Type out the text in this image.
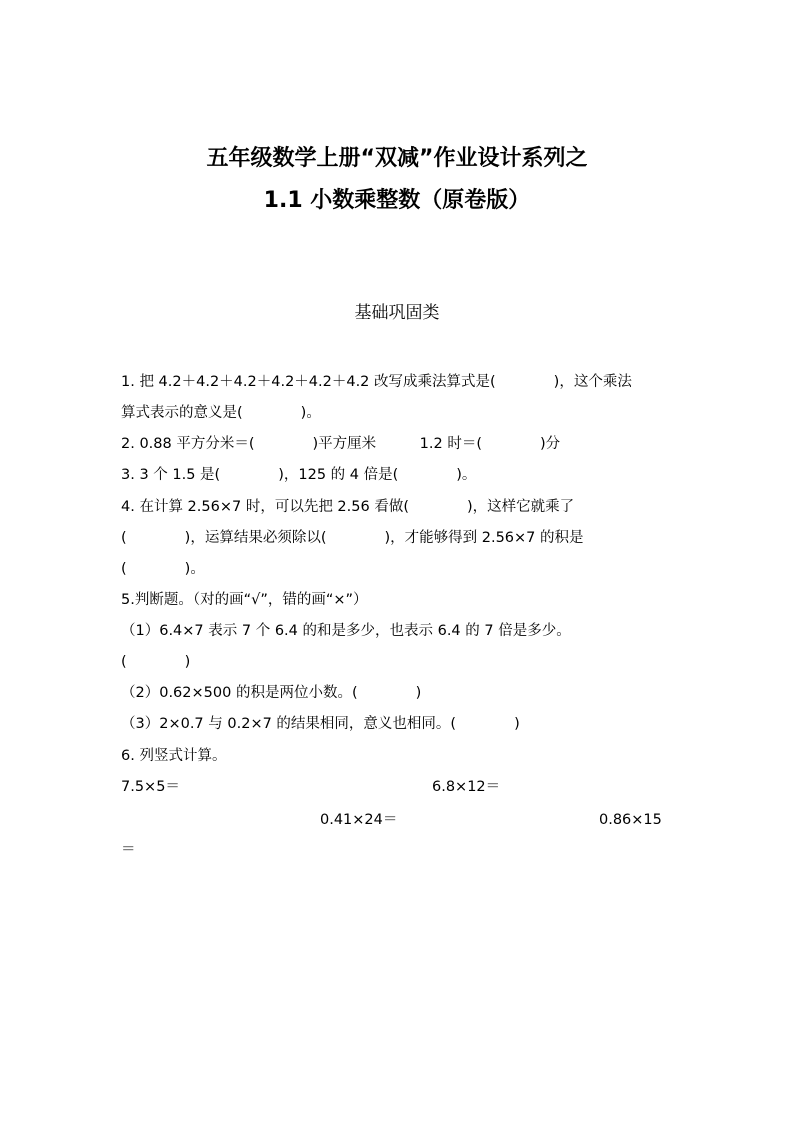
五年级数学上册“双减”作业设计系列之
1.1 小数乘整数（原卷版）
基础巩固类
1. 把 4.2＋4.2＋4.2＋4.2＋4.2＋4.2 改写成乘法算式是(　　　　)，这个乘法
算式表示的意义是(　　　　)。
2. 0.88 平方分米＝(　　　　)平方厘米　　　1.2 时＝(　　　　)分
3. 3 个 1.5 是(　　　　)，125 的 4 倍是(　　　　)。
4. 在计算 2.56×7 时，可以先把 2.56 看做(　　　　)，这样它就乘了
(　　　　)，运算结果必须除以(　　　　)，才能够得到 2.56×7 的积是
(　　　　)。
5.判断题。（对的画“√”，错的画“×”）
（1）6.4×7 表示 7 个 6.4 的和是多少，也表示 6.4 的 7 倍是多少。
(　　　　)
（2）0.62×500 的积是两位小数。(　　　　)
（3）2×0.7 与 0.2×7 的结果相同，意义也相同。(　　　　)
6. 列竖式计算。
7.5×5＝	6.8×12＝
0.41×24＝	0.86×15
＝
